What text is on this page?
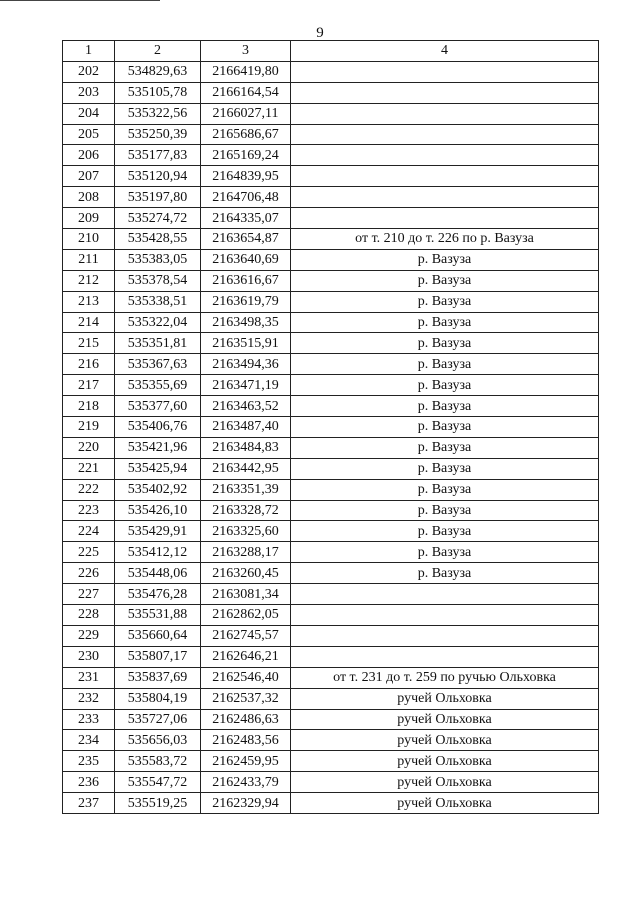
9
1	2	3	4
202	534829,63	2166419,80	
203	535105,78	2166164,54	
204	535322,56	2166027,11	
205	535250,39	2165686,67	
206	535177,83	2165169,24	
207	535120,94	2164839,95	
208	535197,80	2164706,48	
209	535274,72	2164335,07	
210	535428,55	2163654,87	от т. 210 до т. 226 по р. Вазуза
211	535383,05	2163640,69	р. Вазуза
212	535378,54	2163616,67	р. Вазуза
213	535338,51	2163619,79	р. Вазуза
214	535322,04	2163498,35	р. Вазуза
215	535351,81	2163515,91	р. Вазуза
216	535367,63	2163494,36	р. Вазуза
217	535355,69	2163471,19	р. Вазуза
218	535377,60	2163463,52	р. Вазуза
219	535406,76	2163487,40	р. Вазуза
220	535421,96	2163484,83	р. Вазуза
221	535425,94	2163442,95	р. Вазуза
222	535402,92	2163351,39	р. Вазуза
223	535426,10	2163328,72	р. Вазуза
224	535429,91	2163325,60	р. Вазуза
225	535412,12	2163288,17	р. Вазуза
226	535448,06	2163260,45	р. Вазуза
227	535476,28	2163081,34	
228	535531,88	2162862,05	
229	535660,64	2162745,57	
230	535807,17	2162646,21	
231	535837,69	2162546,40	от т. 231 до т. 259 по ручью Ольховка
232	535804,19	2162537,32	ручей Ольховка
233	535727,06	2162486,63	ручей Ольховка
234	535656,03	2162483,56	ручей Ольховка
235	535583,72	2162459,95	ручей Ольховка
236	535547,72	2162433,79	ручей Ольховка
237	535519,25	2162329,94	ручей Ольховка
